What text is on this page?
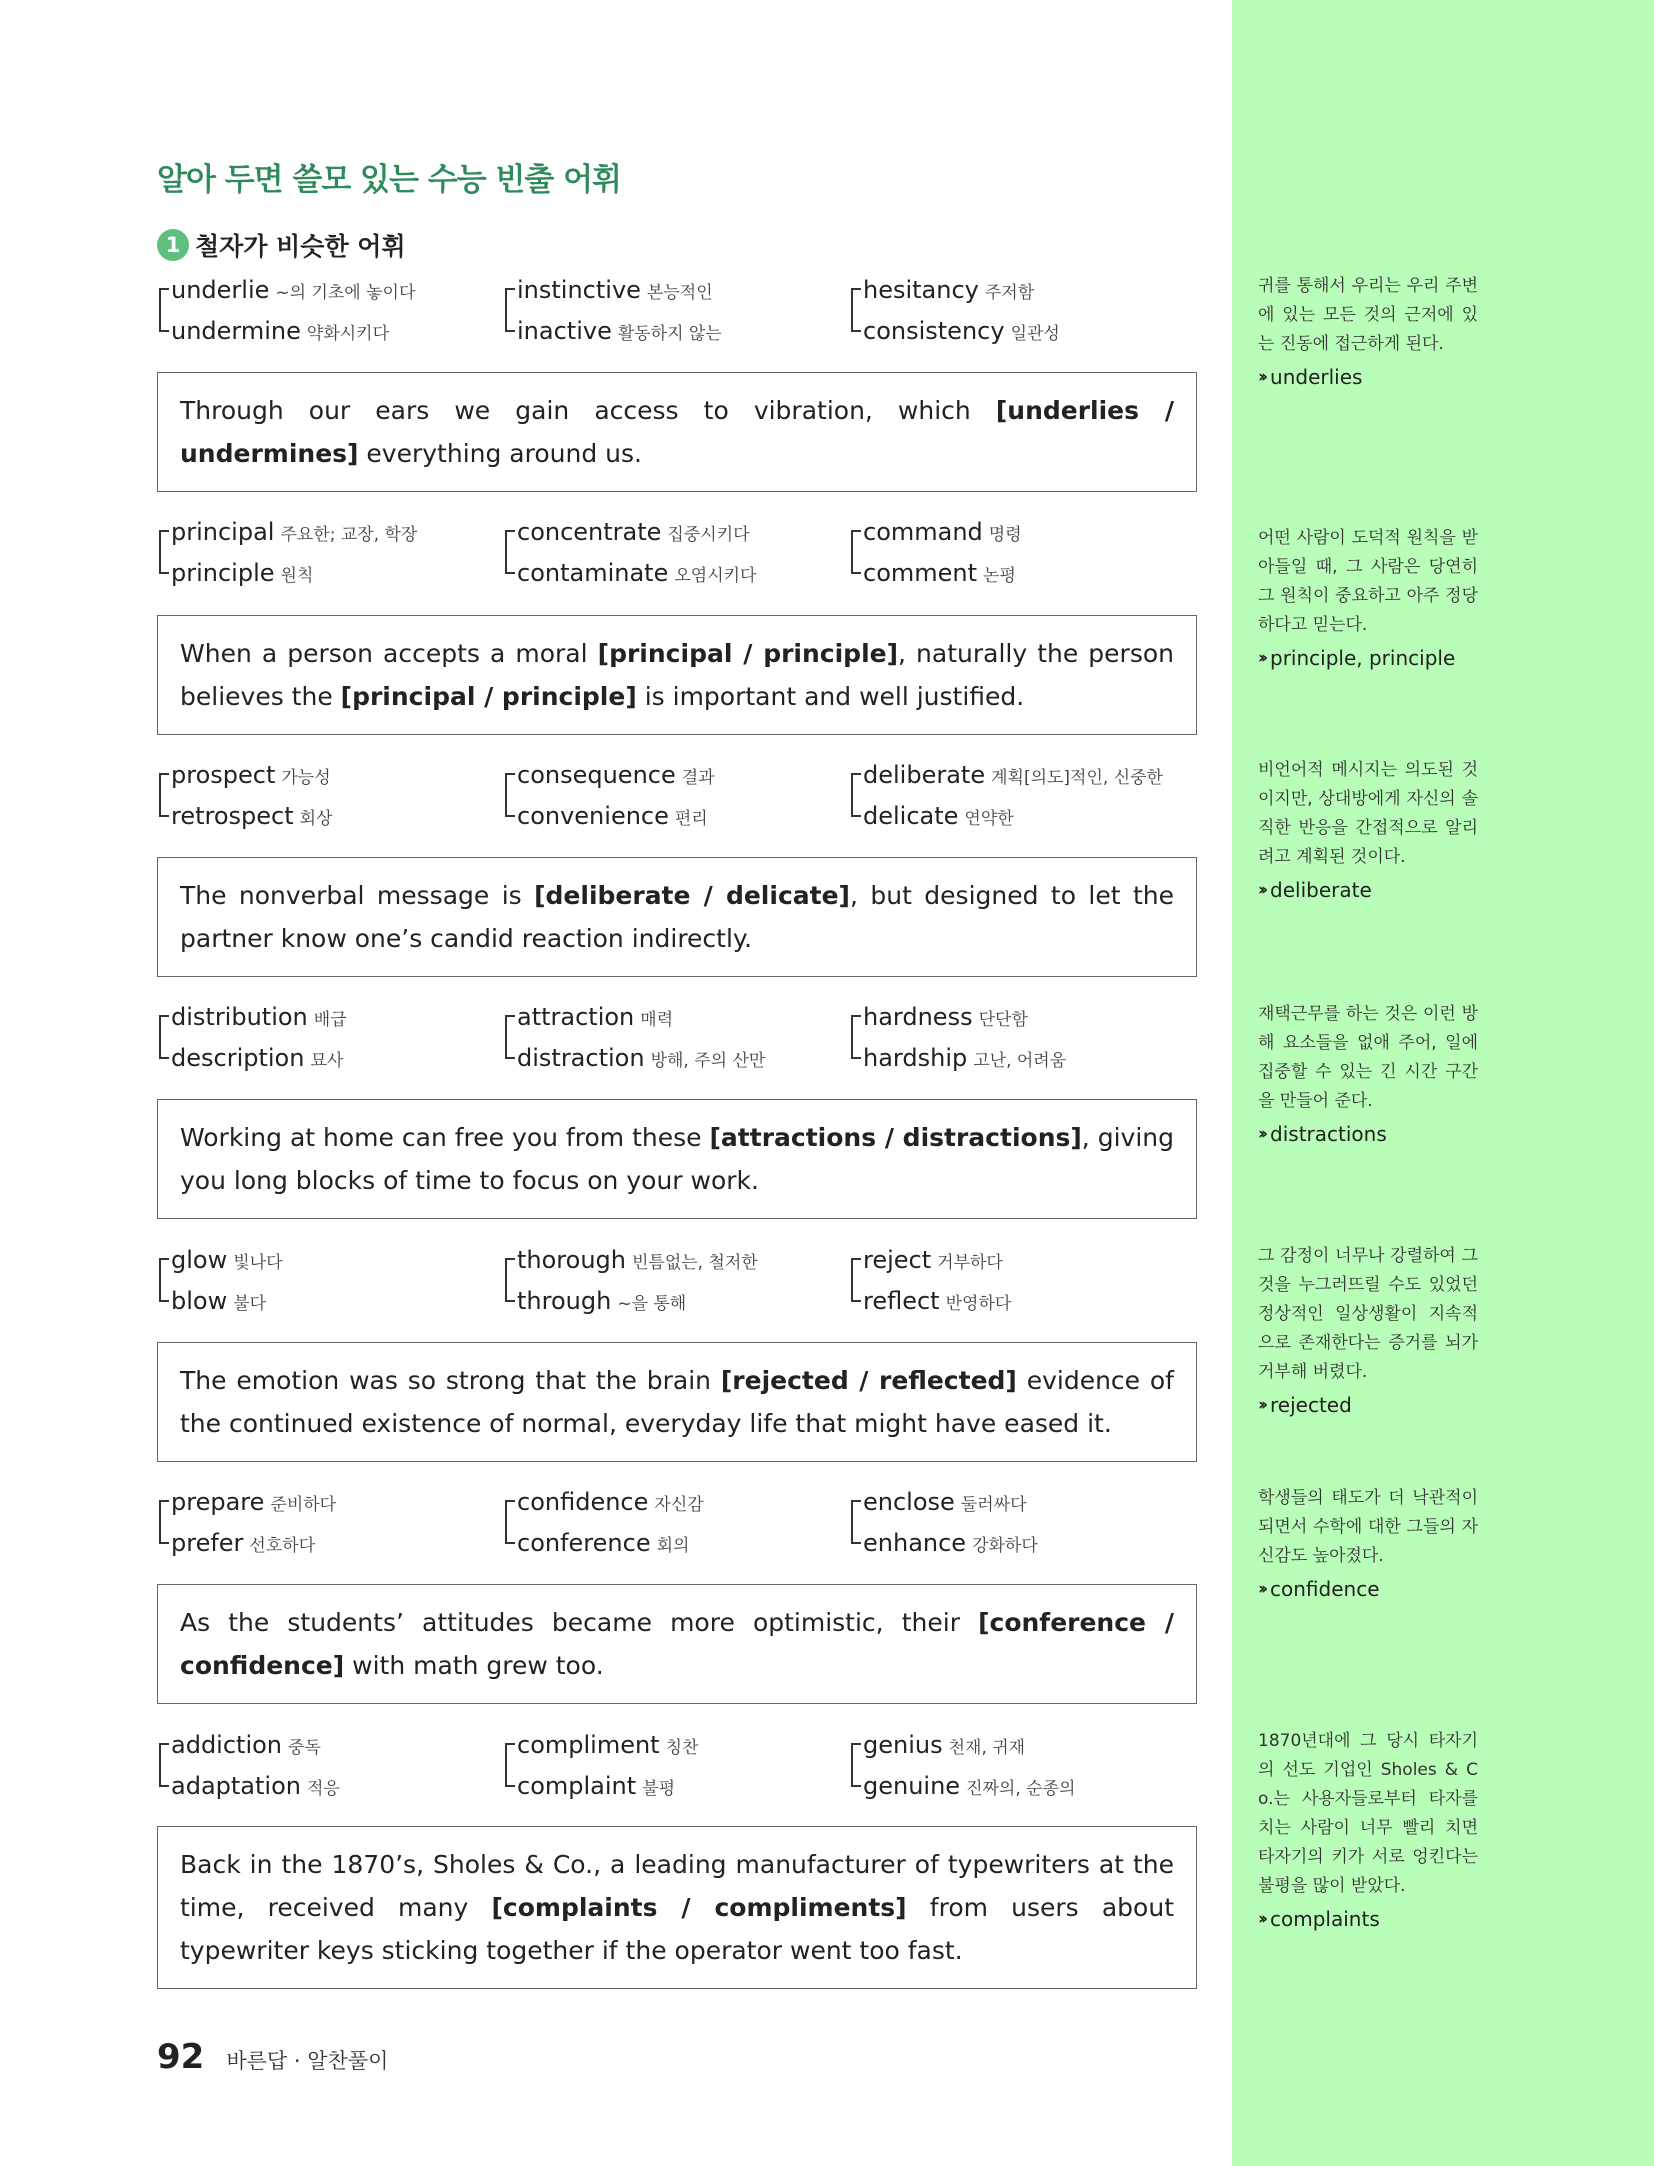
알아 두면 쓸모 있는 수능 빈출 어휘
1 철자가 비슷한 어휘
underlie ~의 기초에 놓이다
undermine 약화시키다
instinctive 본능적인
inactive 활동하지 않는
hesitancy 주저함
consistency 일관성

Through our ears we gain access to vibration, which [underlies / undermines] everything around us.

귀를 통해서 우리는 우리 주변에 있는 모든 것의 근저에 있는 진동에 접근하게 된다.

›› underlies
principal 주요한; 교장, 학장
principle 원칙
concentrate 집중시키다
contaminate 오염시키다
command 명령
comment 논평

When a person accepts a moral [principal / principle], naturally the person believes the [principal / principle] is important and well justified.

어떤 사람이 도덕적 원칙을 받아들일 때, 그 사람은 당연히 그 원칙이 중요하고 아주 정당하다고 믿는다.

›› principle, principle
prospect 가능성
retrospect 회상
consequence 결과
convenience 편리
deliberate 계획[의도]적인, 신중한
delicate 연약한

The nonverbal message is [deliberate / delicate], but designed to let the partner know one’s candid reaction indirectly.

비언어적 메시지는 의도된 것이지만, 상대방에게 자신의 솔직한 반응을 간접적으로 알리려고 계획된 것이다.

›› deliberate
distribution 배급
description 묘사
attraction 매력
distraction 방해, 주의 산만
hardness 단단함
hardship 고난, 어려움

Working at home can free you from these [attractions / distractions], giving you long blocks of time to focus on your work.

재택근무를 하는 것은 이런 방해 요소들을 없애 주어, 일에 집중할 수 있는 긴 시간 구간을 만들어 준다.

›› distractions
glow 빛나다
blow 불다
thorough 빈틈없는, 철저한
through ~을 통해
reject 거부하다
reflect 반영하다

The emotion was so strong that the brain [rejected / reflected] evidence of the continued existence of normal, everyday life that might have eased it.

그 감정이 너무나 강렬하여 그것을 누그러뜨릴 수도 있었던 정상적인 일상생활이 지속적으로 존재한다는 증거를 뇌가 거부해 버렸다.

›› rejected
prepare 준비하다
prefer 선호하다
confidence 자신감
conference 회의
enclose 둘러싸다
enhance 강화하다

As the students’ attitudes became more optimistic, their [conference / confidence] with math grew too.

학생들의 태도가 더 낙관적이 되면서 수학에 대한 그들의 자신감도 높아졌다.

›› confidence
addiction 중독
adaptation 적응
compliment 칭찬
complaint 불평
genius 천재, 귀재
genuine 진짜의, 순종의

Back in the 1870’s, Sholes & Co., a leading manufacturer of typewriters at the time, received many [complaints / compliments] from users about typewriter keys sticking together if the operator went too fast.

1870년대에 그 당시 타자기의 선도 기업인 Sholes & Co.는 사용자들로부터 타자를 치는 사람이 너무 빨리 치면 타자기의 키가 서로 엉킨다는 불평을 많이 받았다.

›› complaints
92 바른답 · 알찬풀이
